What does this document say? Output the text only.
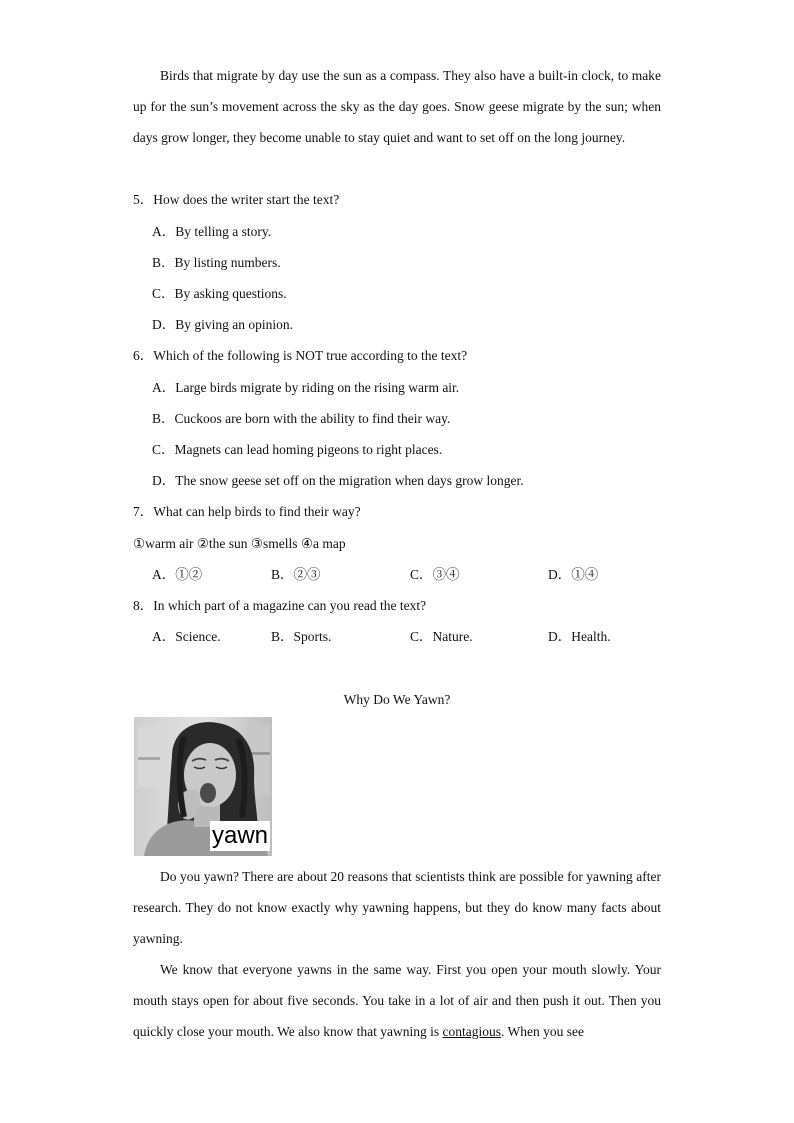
Birds that migrate by day use the sun as a compass. They also have a built-in clock, to make up for the sun’s movement across the sky as the day goes. Snow geese migrate by the sun; when days grow longer, they become unable to stay quiet and want to set off on the long journey.

5．How does the writer start the text?
A．By telling a story.
B．By listing numbers.
C．By asking questions.
D．By giving an opinion.
6．Which of the following is NOT true according to the text?
A．Large birds migrate by riding on the rising warm air.
B．Cuckoos are born with the ability to find their way.
C．Magnets can lead homing pigeons to right places.
D．The snow geese set off on the migration when days grow longer.
7．What can help birds to find their way?
①warm air ②the sun ③smells ④a map
A．①②	B．②③	C．③④	D．①④
8．In which part of a magazine can you read the text?
A．Science.	B．Sports.	C．Nature.	D．Health.
Why Do We Yawn?
yawn

Do you yawn? There are about 20 reasons that scientists think are possible for yawning after research. They do not know exactly why yawning happens, but they do know many facts about yawning.

We know that everyone yawns in the same way. First you open your mouth slowly. Your mouth stays open for about five seconds. You take in a lot of air and then push it out. Then you quickly close your mouth. We also know that yawning is contagious. When you see
